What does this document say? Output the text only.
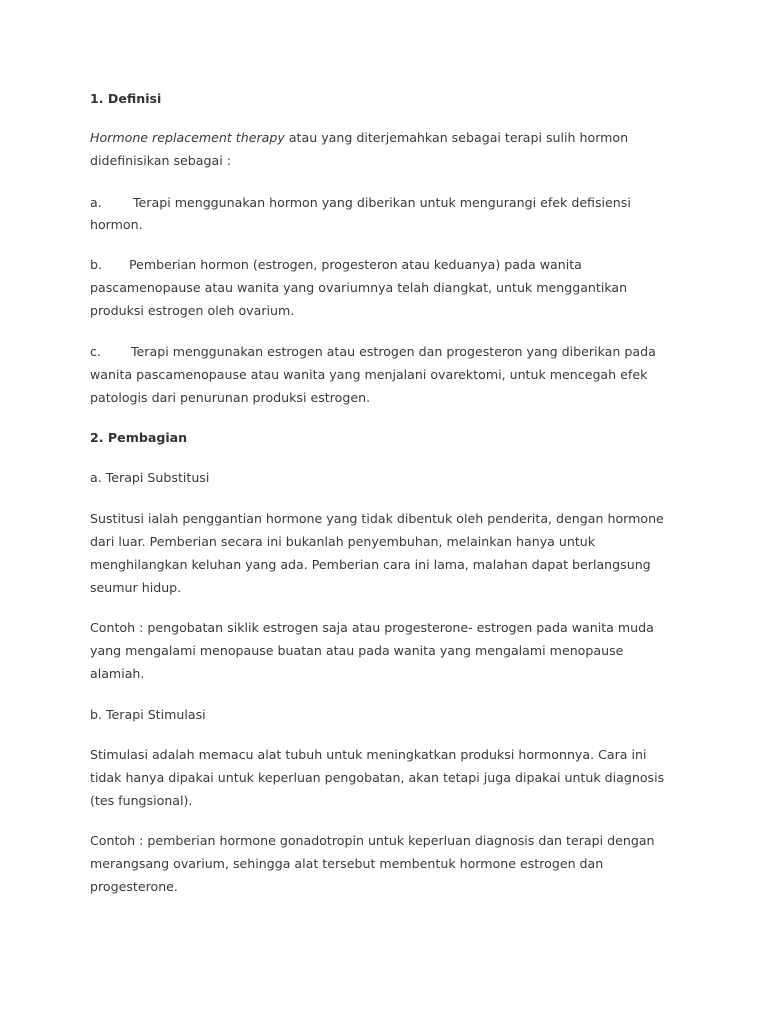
1. Definisi
Hormone replacement therapy atau yang diterjemahkan sebagai terapi sulih hormon
didefinisikan sebagai :
a. Terapi menggunakan hormon yang diberikan untuk mengurangi efek defisiensi
hormon.
b. Pemberian hormon (estrogen, progesteron atau keduanya) pada wanita
pascamenopause atau wanita yang ovariumnya telah diangkat, untuk menggantikan
produksi estrogen oleh ovarium.
c. Terapi menggunakan estrogen atau estrogen dan progesteron yang diberikan pada
wanita pascamenopause atau wanita yang menjalani ovarektomi, untuk mencegah efek
patologis dari penurunan produksi estrogen.
2. Pembagian
a. Terapi Substitusi
Sustitusi ialah penggantian hormone yang tidak dibentuk oleh penderita, dengan hormone
dari luar. Pemberian secara ini bukanlah penyembuhan, melainkan hanya untuk
menghilangkan keluhan yang ada. Pemberian cara ini lama, malahan dapat berlangsung
seumur hidup.
Contoh : pengobatan siklik estrogen saja atau progesterone- estrogen pada wanita muda
yang mengalami menopause buatan atau pada wanita yang mengalami menopause
alamiah.
b. Terapi Stimulasi
Stimulasi adalah memacu alat tubuh untuk meningkatkan produksi hormonnya. Cara ini
tidak hanya dipakai untuk keperluan pengobatan, akan tetapi juga dipakai untuk diagnosis
(tes fungsional).
Contoh : pemberian hormone gonadotropin untuk keperluan diagnosis dan terapi dengan
merangsang ovarium, sehingga alat tersebut membentuk hormone estrogen dan
progesterone.
